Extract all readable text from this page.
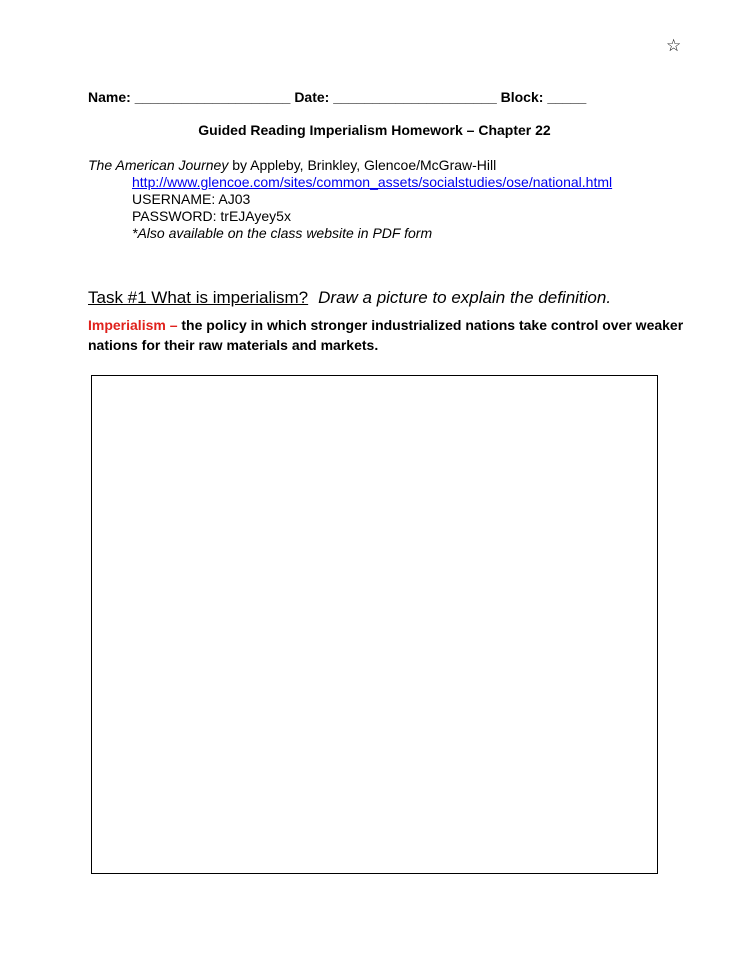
☆
Name: ____________________ Date: _____________________ Block: _____
Guided Reading Imperialism Homework – Chapter 22
The American Journey by Appleby, Brinkley, Glencoe/McGraw-Hill
http://www.glencoe.com/sites/common_assets/socialstudies/ose/national.html
USERNAME: AJ03
PASSWORD: trEJAyey5x
*Also available on the class website in PDF form
Task #1 What is imperialism? Draw a picture to explain the definition.
Imperialism – the policy in which stronger industrialized nations take control over weaker nations for their raw materials and markets.
